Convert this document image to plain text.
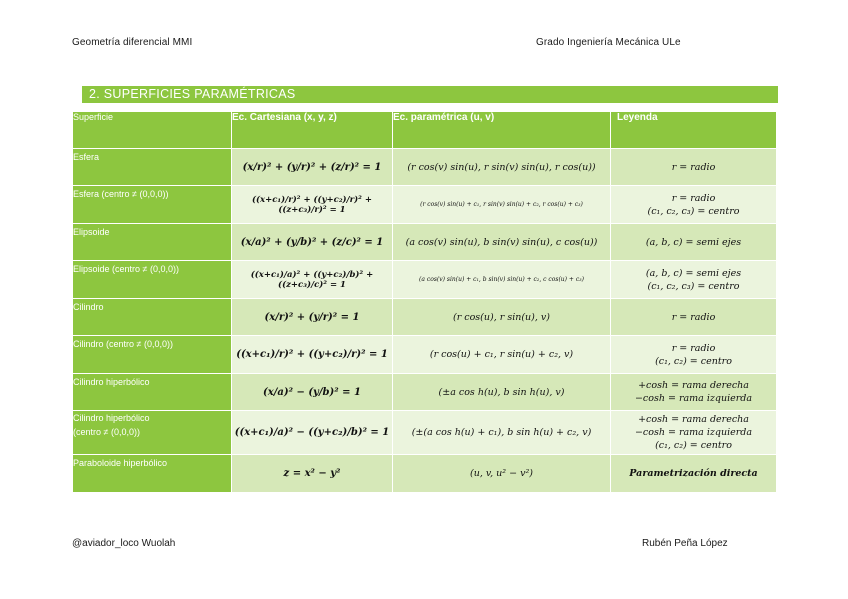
Geometría diferencial MMI	Grado Ingeniería Mecánica ULe
2. SUPERFICIES PARAMÉTRICAS
Superficie	Ec. Cartesiana (x, y, z)	Ec. paramétrica (u, v)	Leyenda
Esfera	(x/r)² + (y/r)² + (z/r)² = 1	(r cos(v) sin(u), r sin(v) sin(u), r cos(u))	r = radio

Esfera (centro ≠ (0,0,0))	((x+c₁)/r)² + ((y+c₂)/r)² + ((z+c₃)/r)² = 1	(r cos(v) sin(u) + c₁, r sin(v) sin(u) + c₂, r cos(u) + c₃)	r = radio
(c₁, c₂, c₃) = centro

Elipsoide	(x/a)² + (y/b)² + (z/c)² = 1	(a cos(v) sin(u), b sin(v) sin(u), c cos(u))	(a, b, c) = semi ejes

Elipsoide (centro ≠ (0,0,0))	((x+c₁)/a)² + ((y+c₂)/b)² + ((z+c₃)/c)² = 1	(a cos(v) sin(u) + c₁, b sin(v) sin(u) + c₂, c cos(u) + c₃)	(a, b, c) = semi ejes
(c₁, c₂, c₃) = centro

Cilindro	(x/r)² + (y/r)² = 1	(r cos(u), r sin(u), v)	r = radio

Cilindro (centro ≠ (0,0,0))	((x+c₁)/r)² + ((y+c₂)/r)² = 1	(r cos(u) + c₁, r sin(u) + c₂, v)	r = radio
(c₁, c₂) = centro

Cilindro hiperbólico	(x/a)² − (y/b)² = 1	(±a cos h(u), b sin h(u), v)	+cosh = rama derecha
−cosh = rama izquierda

Cilindro hiperbólico
(centro ≠ (0,0,0))	((x+c₁)/a)² − ((y+c₂)/b)² = 1	(±(a cos h(u) + c₁), b sin h(u) + c₂, v)	+cosh = rama derecha
−cosh = rama izquierda
(c₁, c₂) = centro

Paraboloide hiperbólico	z = x² − y²	(u, v, u² − v²)	Parametrización directa
@aviador_loco Wuolah	Rubén Peña López
